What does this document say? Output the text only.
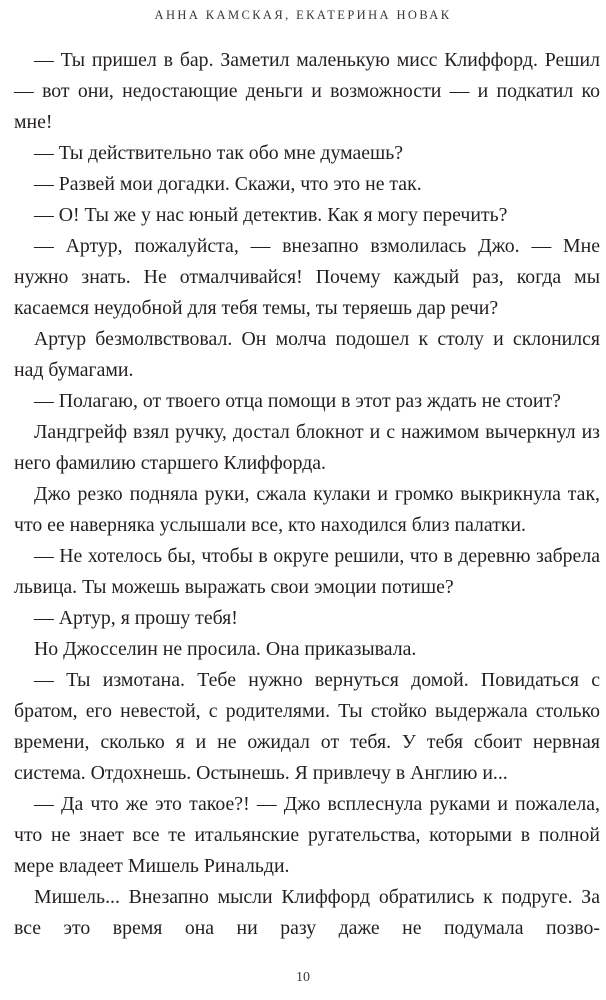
АННА КАМСКАЯ, ЕКАТЕРИНА НОВАК

— Ты пришел в бар. Заметил маленькую мисс Клиффорд. Решил — вот они, недостающие деньги и возможности — и подкатил ко мне!

— Ты действительно так обо мне думаешь?

— Развей мои догадки. Скажи, что это не так.

— О! Ты же у нас юный детектив. Как я могу перечить?

— Артур, пожалуйста, — внезапно взмолилась Джо. — Мне нужно знать. Не отмалчивайся! Почему каждый раз, когда мы касаемся неудобной для тебя темы, ты теряешь дар речи?

Артур безмолвствовал. Он молча подошел к столу и склонился над бумагами.

— Полагаю, от твоего отца помощи в этот раз ждать не стоит?

Ландгрейф взял ручку, достал блокнот и с нажимом вычеркнул из него фамилию старшего Клиффорда.

Джо резко подняла руки, сжала кулаки и громко выкрикнула так, что ее наверняка услышали все, кто находился близ палатки.

— Не хотелось бы, чтобы в округе решили, что в деревню забрела львица. Ты можешь выражать свои эмоции потише?

— Артур, я прошу тебя!

Но Джосселин не просила. Она приказывала.

— Ты измотана. Тебе нужно вернуться домой. Повидаться с братом, его невестой, с родителями. Ты стойко выдержала столько времени, сколько я и не ожидал от тебя. У тебя сбоит нервная система. Отдохнешь. Остынешь. Я привлечу в Англию и...

— Да что же это такое?! — Джо всплеснула руками и пожалела, что не знает все те итальянские ругательства, которыми в полной мере владеет Мишель Ринальди.

Мишель... Внезапно мысли Клиффорд обратились к подруге. За все это время она ни разу даже не подумала позво-

10
